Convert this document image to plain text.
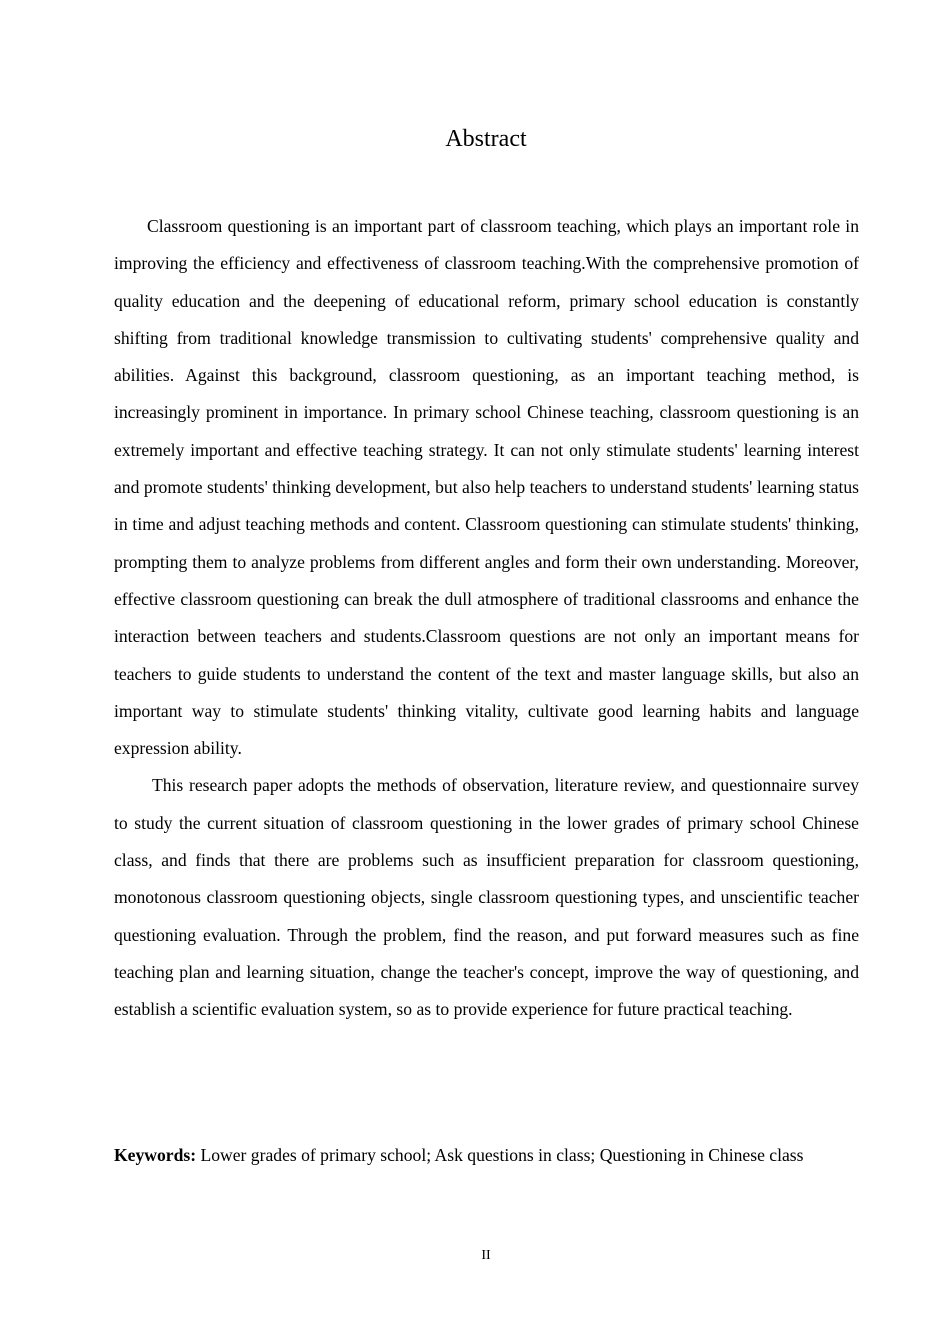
Abstract

Classroom questioning is an important part of classroom teaching, which plays an important role in improving the efficiency and effectiveness of classroom teaching.With the comprehensive promotion of quality education and the deepening of educational reform, primary school education is constantly shifting from traditional knowledge transmission to cultivating students' comprehensive quality and abilities. Against this background, classroom questioning, as an important teaching method, is increasingly prominent in importance. In primary school Chinese teaching, classroom questioning is an extremely important and effective teaching strategy. It can not only stimulate students' learning interest and promote students' thinking development, but also help teachers to understand students' learning status in time and adjust teaching methods and content. Classroom questioning can stimulate students' thinking, prompting them to analyze problems from different angles and form their own understanding. Moreover, effective classroom questioning can break the dull atmosphere of traditional classrooms and enhance the interaction between teachers and students.Classroom questions are not only an important means for teachers to guide students to understand the content of the text and master language skills, but also an important way to stimulate students' thinking vitality, cultivate good learning habits and language expression ability.

This research paper adopts the methods of observation, literature review, and questionnaire survey to study the current situation of classroom questioning in the lower grades of primary school Chinese class, and finds that there are problems such as insufficient preparation for classroom questioning, monotonous classroom questioning objects, single classroom questioning types, and unscientific teacher questioning evaluation. Through the problem, find the reason, and put forward measures such as fine teaching plan and learning situation, change the teacher's concept, improve the way of questioning, and establish a scientific evaluation system, so as to provide experience for future practical teaching.

Keywords: Lower grades of primary school; Ask questions in class; Questioning in Chinese class

II
